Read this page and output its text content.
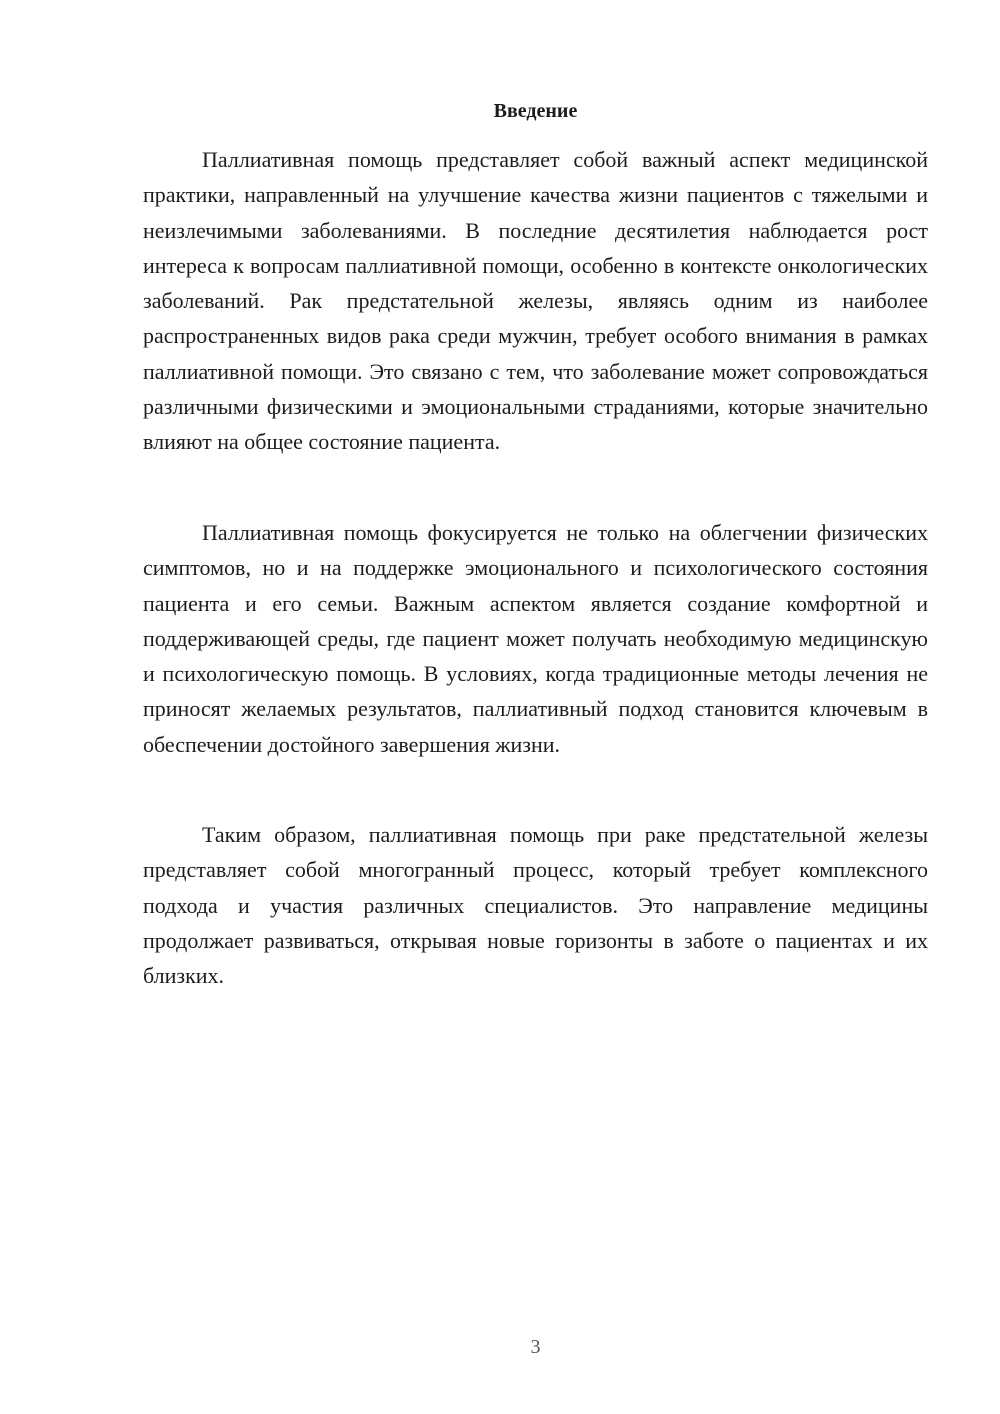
Введение

Паллиативная помощь представляет собой важный аспект медицинской практики, направленный на улучшение качества жизни пациентов с тяжелыми и неизлечимыми заболеваниями. В последние десятилетия наблюдается рост интереса к вопросам паллиативной помощи, особенно в контексте онкологических заболеваний. Рак предстательной железы, являясь одним из наиболее распространенных видов рака среди мужчин, требует особого внимания в рамках паллиативной помощи. Это связано с тем, что заболевание может сопровождаться различными физическими и эмоциональными страданиями, которые значительно влияют на общее состояние пациента.

Паллиативная помощь фокусируется не только на облегчении физических симптомов, но и на поддержке эмоционального и психологического состояния пациента и его семьи. Важным аспектом является создание комфортной и поддерживающей среды, где пациент может получать необходимую медицинскую и психологическую помощь. В условиях, когда традиционные методы лечения не приносят желаемых результатов, паллиативный подход становится ключевым в обеспечении достойного завершения жизни.

Таким образом, паллиативная помощь при раке предстательной железы представляет собой многогранный процесс, который требует комплексного подхода и участия различных специалистов. Это направление медицины продолжает развиваться, открывая новые горизонты в заботе о пациентах и их близких.

3
